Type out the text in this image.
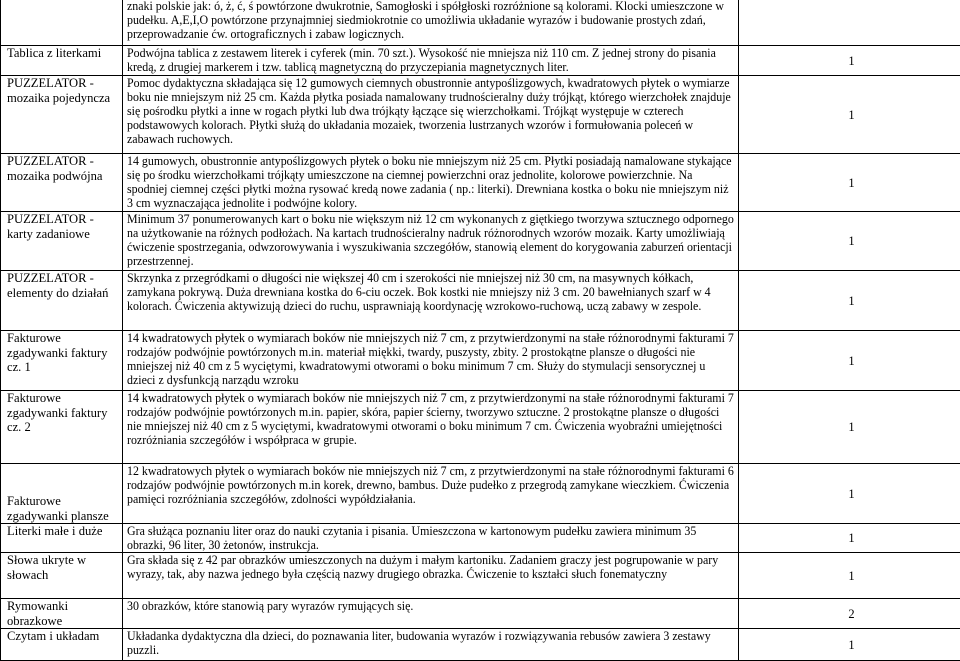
	znaki polskie jak: ó, ż, ć, ś powtórzone dwukrotnie, Samogłoski i spółgłoski rozróżnione są kolorami. Klocki umieszczone w pudełku. A,E,I,O powtórzone przynajmniej siedmiokrotnie co umożliwia układanie wyrazów i budowanie prostych zdań, przeprowadzanie ćw. ortograficznych i zabaw logicznych.	
Tablica z literkami	Podwójna tablica z zestawem literek i cyferek (min. 70 szt.). Wysokość nie mniejsza niż 110 cm. Z jednej strony do pisania kredą, z drugiej markerem i tzw. tablicą magnetyczną do przyczepiania magnetycznych liter.	1
PUZZELATOR - mozaika pojedyncza	Pomoc dydaktyczna składająca się 12 gumowych ciemnych obustronnie antypoślizgowych, kwadratowych płytek o wymiarze boku nie mniejszym niż 25 cm. Każda płytka posiada namalowany trudnościeralny duży trójkąt, którego wierzchołek znajduje się pośrodku płytki a inne w rogach płytki lub dwa trójkąty łączące się wierzchołkami. Trójkąt występuje w czterech podstawowych kolorach. Płytki służą do układania mozaiek, tworzenia lustrzanych wzorów i formułowania poleceń w zabawach ruchowych.	1
PUZZELATOR - mozaika podwójna	14 gumowych, obustronnie antypoślizgowych płytek o boku nie mniejszym niż 25 cm. Płytki posiadają namalowane stykające się po środku wierzchołkami trójkąty umieszczone na ciemnej powierzchni oraz jednolite, kolorowe powierzchnie. Na spodniej ciemnej części płytki można rysować kredą nowe zadania ( np.: literki). Drewniana kostka o boku nie mniejszym niż 3 cm wyznaczająca jednolite i podwójne kolory.	1
PUZZELATOR - karty zadaniowe	Minimum 37 ponumerowanych kart o boku nie większym niż 12 cm wykonanych z giętkiego tworzywa sztucznego odpornego na użytkowanie na różnych podłożach. Na kartach trudnościeralny nadruk różnorodnych wzorów mozaik. Karty umożliwiają ćwiczenie spostrzegania, odwzorowywania i wyszukiwania szczegółów, stanowią element do korygowania zaburzeń orientacji przestrzennej.	1
PUZZELATOR - elementy do działań	Skrzynka z przegródkami o długości nie większej 40 cm i szerokości nie mniejszej niż 30 cm, na masywnych kółkach, zamykana pokrywą. Duża drewniana kostka do 6-ciu oczek. Bok kostki nie mniejszy niż 3 cm. 20 bawełnianych szarf w 4 kolorach. Ćwiczenia aktywizują dzieci do ruchu, usprawniają koordynację wzrokowo-ruchową, uczą zabawy w zespole.	1
Fakturowe zgadywanki faktury cz. 1	14 kwadratowych płytek o wymiarach boków nie mniejszych niż 7 cm, z przytwierdzonymi na stałe różnorodnymi fakturami 7 rodzajów podwójnie powtórzonych m.in. materiał miękki, twardy, puszysty, zbity. 2 prostokątne plansze o długości nie mniejszej niż 40 cm z 5 wyciętymi, kwadratowymi otworami o boku minimum 7 cm. Służy do stymulacji sensorycznej u dzieci z dysfunkcją narządu wzroku	1
Fakturowe zgadywanki faktury cz. 2	14 kwadratowych płytek o wymiarach boków nie mniejszych niż 7 cm, z przytwierdzonymi na stałe różnorodnymi fakturami 7 rodzajów podwójnie powtórzonych m.in. papier, skóra, papier ścierny, tworzywo sztuczne. 2 prostokątne plansze o długości nie mniejszej niż 40 cm z 5 wyciętymi, kwadratowymi otworami o boku minimum 7 cm. Ćwiczenia wyobraźni umiejętności rozróżniania szczegółów i współpraca w grupie.	1
Fakturowe zgadywanki plansze	12 kwadratowych płytek o wymiarach boków nie mniejszych niż 7 cm, z przytwierdzonymi na stałe różnorodnymi fakturami 6 rodzajów podwójnie powtórzonych m.in korek, drewno, bambus. Duże pudełko z przegrodą zamykane wieczkiem. Ćwiczenia pamięci rozróżniania szczegółów, zdolności wypółdziałania.	1
Literki małe i duże	Gra służąca poznaniu liter oraz do nauki czytania i pisania. Umieszczona w kartonowym pudełku zawiera minimum 35 obrazki, 96 liter, 30 żetonów, instrukcja.	1
Słowa ukryte w słowach	Gra składa się z 42 par obrazków umieszczonych na dużym i małym kartoniku. Zadaniem graczy jest pogrupowanie w pary wyrazy, tak, aby nazwa jednego była częścią nazwy drugiego obrazka. Ćwiczenie to kształci słuch fonematyczny	1
Rymowanki obrazkowe	30 obrazków, które stanowią pary wyrazów rymujących się.	2
Czytam i układam	Układanka dydaktyczna dla dzieci, do poznawania liter, budowania wyrazów i rozwiązywania rebusów zawiera 3 zestawy puzzli.	1
